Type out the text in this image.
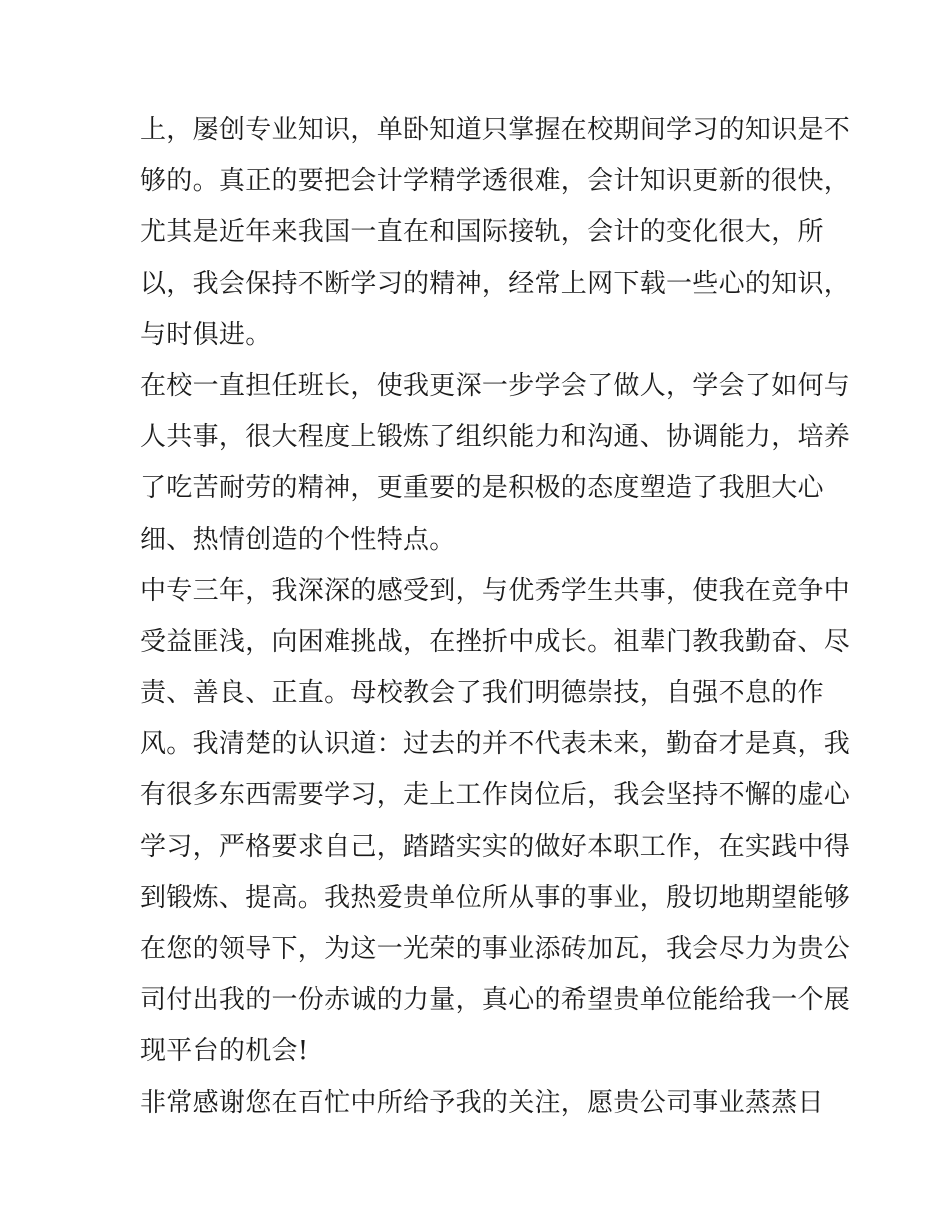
上，屡创专业知识，单卧知道只掌握在校期间学习的知识是不
够的。真正的要把会计学精学透很难，会计知识更新的很快，
尤其是近年来我国一直在和国际接轨，会计的变化很大，所
以，我会保持不断学习的精神，经常上网下载一些心的知识，
与时俱进。
在校一直担任班长，使我更深一步学会了做人，学会了如何与
人共事，很大程度上锻炼了组织能力和沟通、协调能力，培养
了吃苦耐劳的精神，更重要的是积极的态度塑造了我胆大心
细、热情创造的个性特点。
中专三年，我深深的感受到，与优秀学生共事，使我在竞争中
受益匪浅，向困难挑战，在挫折中成长。祖辈门教我勤奋、尽
责、善良、正直。母校教会了我们明德崇技，自强不息的作
风。我清楚的认识道：过去的并不代表未来，勤奋才是真，我
有很多东西需要学习，走上工作岗位后，我会坚持不懈的虚心
学习，严格要求自己，踏踏实实的做好本职工作，在实践中得
到锻炼、提高。我热爱贵单位所从事的事业，殷切地期望能够
在您的领导下，为这一光荣的事业添砖加瓦，我会尽力为贵公
司付出我的一份赤诚的力量，真心的希望贵单位能给我一个展
现平台的机会!
非常感谢您在百忙中所给予我的关注，愿贵公司事业蒸蒸日
